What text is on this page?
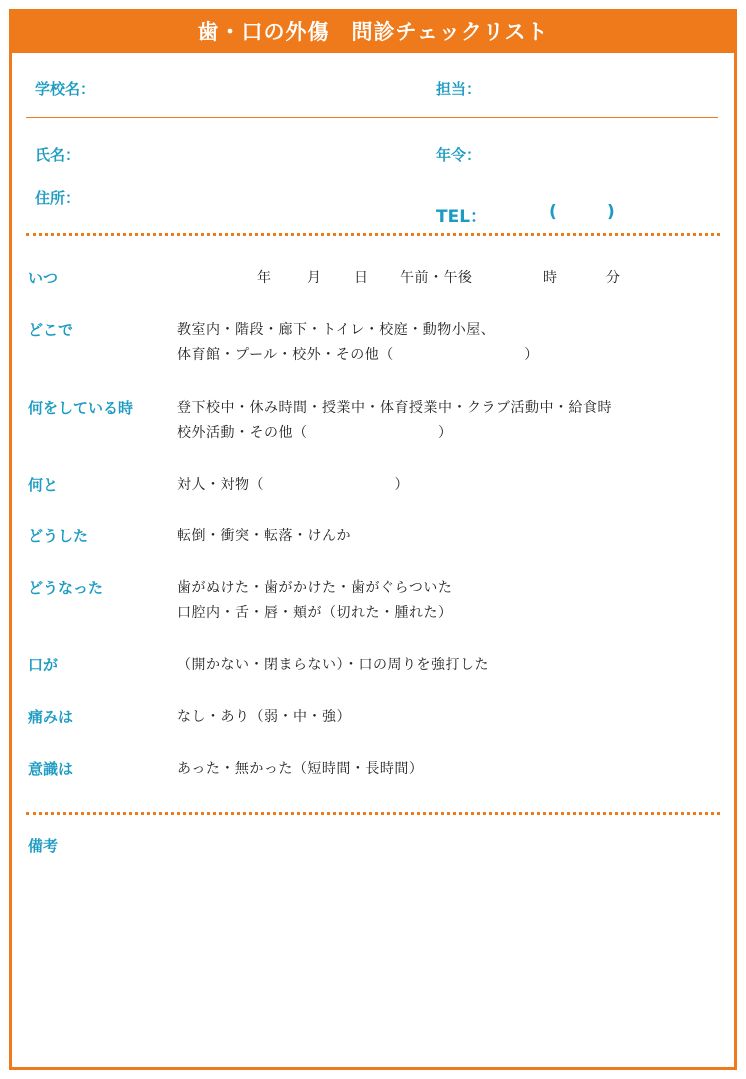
歯・口の外傷　問診チェックリスト
学校名：	担当：
氏名：	年令：
住所：
TEL：	(	)
いつ	年	月 日 午前・午後	時	分
どこで	教室内・階段・廊下・トイレ・校庭・動物小屋、
体育館・プール・校外・その他（　　　　　　　　　）
何をしている時	登下校中・休み時間・授業中・体育授業中・クラブ活動中・給食時
校外活動・その他（　　　　　　　　　）
何と	対人・対物（　　　　　　　　　）
どうした	転倒・衝突・転落・けんか
どうなった	歯がぬけた・歯がかけた・歯がぐらついた
口腔内・舌・唇・頬が（切れた・腫れた）
口が	（開かない・閉まらない）・口の周りを強打した
痛みは	なし・あり（弱・中・強）
意識は	あった・無かった（短時間・長時間）
備考
